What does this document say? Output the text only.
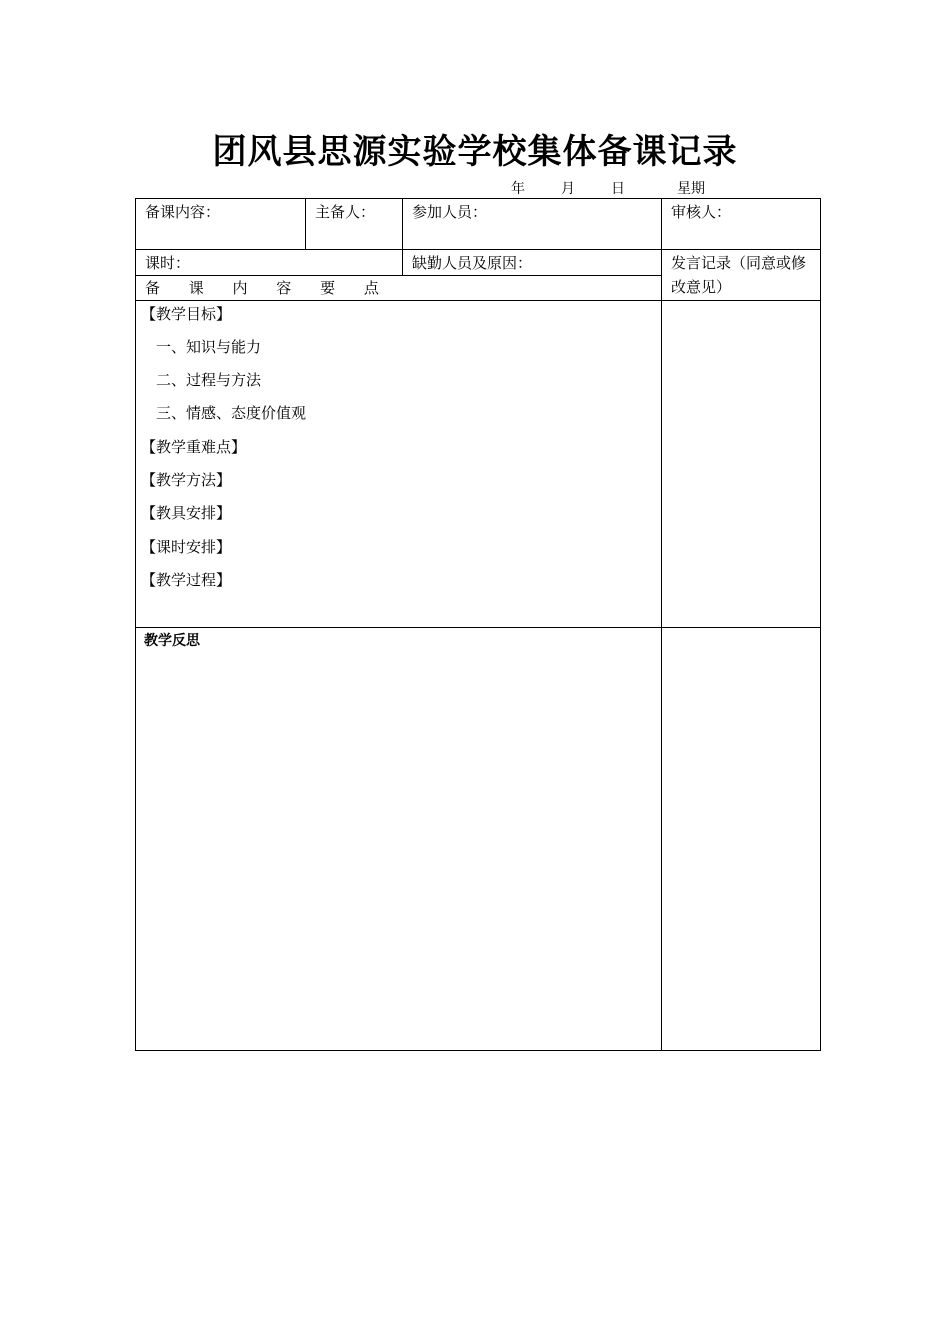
团风县思源实验学校集体备课记录
年	月	日	星期
备课内容：	主备人： 参加人员：	审核人：
课时：	缺勤人员及原因：	发言记录（同意或修改意见）
备 课 内 容 要 点
【教学目标】
一、知识与能力
二、过程与方法
三、情感、态度价值观
【教学重难点】
【教学方法】
【教具安排】
【课时安排】
【教学过程】
教学反思
